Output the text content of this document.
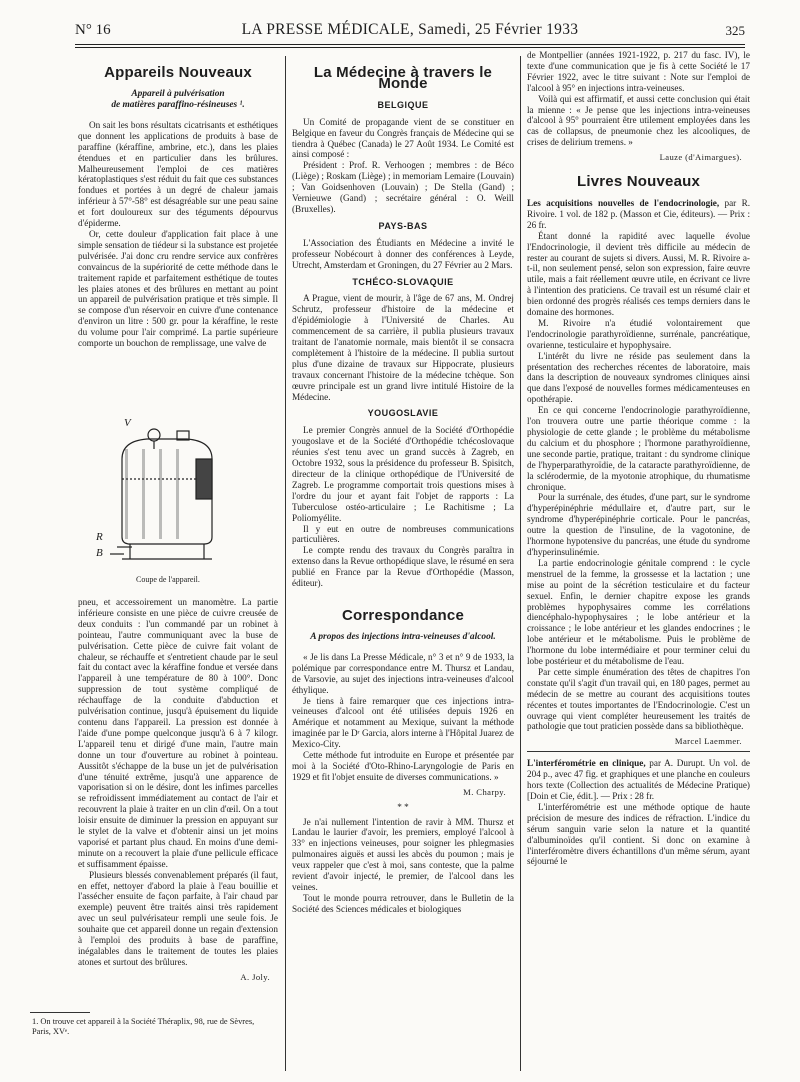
N° 16	LA PRESSE MÉDICALE, Samedi, 25 Février 1933	325
Appareils Nouveaux
Appareil à pulvérisation
de matières paraffino-résineuses ¹.

On sait les bons résultats cicatrisants et esthétiques que donnent les applications de produits à base de paraffine (kéraffine, ambrine, etc.), dans les plaies étendues et en particulier dans les brûlures. Malheureusement l'emploi de ces matières kératoplastiques s'est réduit du fait que ces substances fondues et portées à un degré de chaleur jamais inférieur à 57°-58° est désagréable sur une peau saine et fort douloureux sur des téguments dépourvus d'épiderme.

Or, cette douleur d'application fait place à une simple sensation de tiédeur si la substance est projetée pulvérisée. J'ai donc cru rendre service aux confrères convaincus de la supériorité de cette méthode dans le traitement rapide et parfaitement esthétique de toutes les plaies atones et des brûlures en mettant au point un appareil de pulvérisation pratique et très simple. Il se compose d'un réservoir en cuivre d'une contenance d'environ un litre : 500 gr. pour la kéraffine, le reste du volume pour l'air comprimé. La partie supérieure comporte un bouchon de remplissage, une valve de

V
R
B
Coupe de l'appareil.

pneu, et accessoirement un manomètre. La partie inférieure consiste en une pièce de cuivre creusée de deux conduits : l'un commandé par un robinet à pointeau, l'autre communiquant avec la buse de pulvérisation. Cette pièce de cuivre fait volant de chaleur, se réchauffe et s'entretient chaude par le seul fait du contact avec la kéraffine fondue et versée dans l'appareil à une température de 80 à 100°. Donc suppression de tout système compliqué de réchauffage de la conduite d'abduction et pulvérisation continue, jusqu'à épuisement du liquide contenu dans l'appareil. La pression est donnée à l'aide d'une pompe quelconque jusqu'à 6 à 7 kilogr. L'appareil tenu et dirigé d'une main, l'autre main donne un tour d'ouverture au robinet à pointeau. Aussitôt s'échappe de la buse un jet de pulvérisation d'une ténuité extrême, jusqu'à une apparence de vaporisation si on le désire, dont les infimes parcelles se refroidissent immédiatement au contact de l'air et recouvrent la plaie à traiter en un clin d'œil. On a tout loisir ensuite de diminuer la pression en appuyant sur le stylet de la valve et d'obtenir ainsi un jet moins vaporisé et partant plus chaud. En moins d'une demi-minute on a recouvert la plaie d'une pellicule efficace et suffisamment épaisse.

Plusieurs blessés convenablement préparés (il faut, en effet, nettoyer d'abord la plaie à l'eau bouillie et l'assécher ensuite de façon parfaite, à l'air chaud par exemple) peuvent être traités ainsi très rapidement avec un seul pulvérisateur rempli une seule fois. Je souhaite que cet appareil donne un regain d'extension à l'emploi des produits à base de paraffine, inégalables dans le traitement de toutes les plaies atones et surtout des brûlures.

A. Joly.
1. On trouve cet appareil à la Société Théraplix, 98, rue de Sèvres, Paris, XVᵉ.
La Médecine à travers le Monde
BELGIQUE

Un Comité de propagande vient de se constituer en Belgique en faveur du Congrès français de Médecine qui se tiendra à Québec (Canada) le 27 Août 1934. Le Comité est ainsi composé :

Président : Prof. R. Verhoogen ; membres : de Béco (Liège) ; Roskam (Liège) ; in memoriam Lemaire (Louvain) ; Van Goidsenhoven (Louvain) ; De Stella (Gand) ; Vernieuwe (Gand) ; secrétaire général : O. Weill (Bruxelles).

PAYS-BAS

L'Association des Étudiants en Médecine a invité le professeur Nobécourt à donner des conférences à Leyde, Utrecht, Amsterdam et Groningen, du 27 Février au 2 Mars.

TCHÉCO-SLOVAQUIE

A Prague, vient de mourir, à l'âge de 67 ans, M. Ondrej Schrutz, professeur d'histoire de la médecine et d'épidémiologie à l'Université de Charles. Au commencement de sa carrière, il publia plusieurs travaux traitant de l'anatomie normale, mais bientôt il se consacra complètement à l'histoire de la médecine. Il publia surtout plus d'une dizaine de travaux sur Hippocrate, plusieurs travaux concernant l'histoire de la médecine tchèque. Son œuvre principale est un grand livre intitulé Histoire de la Médecine.

YOUGOSLAVIE

Le premier Congrès annuel de la Société d'Orthopédie yougoslave et de la Société d'Orthopédie tchécoslovaque réunies s'est tenu avec un grand succès à Zagreb, en Octobre 1932, sous la présidence du professeur B. Spisitch, directeur de la clinique orthopédique de l'Université de Zagreb. Le programme comportait trois questions mises à l'ordre du jour et ayant fait l'objet de rapports : La Tuberculose ostéo-articulaire ; Le Rachitisme ; La Poliomyélite.

Il y eut en outre de nombreuses communications particulières.

Le compte rendu des travaux du Congrès paraîtra in extenso dans la Revue orthopédique slave, le résumé en sera publié en France par la Revue d'Orthopédie (Masson, éditeur).

Correspondance
A propos des injections intra-veineuses d'alcool.

« Je lis dans La Presse Médicale, n° 3 et n° 9 de 1933, la polémique par correspondance entre M. Thursz et Landau, de Varsovie, au sujet des injections intra-veineuses d'alcool éthylique.

Je tiens à faire remarquer que ces injections intra-veineuses d'alcool ont été utilisées depuis 1926 en Amérique et notamment au Mexique, suivant la méthode imaginée par le Dʳ Garcia, alors interne à l'Hôpital Juarez de Mexico-City.

Cette méthode fut introduite en Europe et présentée par moi à la Société d'Oto-Rhino-Laryngologie de Paris en 1929 et fit l'objet ensuite de diverses communications. »

M. Charpy.
* *

Je n'ai nullement l'intention de ravir à MM. Thursz et Landau le laurier d'avoir, les premiers, employé l'alcool à 33° en injections veineuses, pour soigner les phlegmasies pulmonaires aiguës et aussi les abcès du poumon ; mais je veux rappeler que c'est à moi, sans conteste, que la palme revient d'avoir injecté, le premier, de l'alcool dans les veines.

Tout le monde pourra retrouver, dans le Bulletin de la Société des Sciences médicales et biologiques

de Montpellier (années 1921-1922, p. 217 du fasc. IV), le texte d'une communication que je fis à cette Société le 17 Février 1922, avec le titre suivant : Note sur l'emploi de l'alcool à 95° en injections intra-veineuses.

Voilà qui est affirmatif, et aussi cette conclusion qui était la mienne : « Je pense que les injections intra-veineuses d'alcool à 95° pourraient être utilement employées dans les cas de collapsus, de pneumonie chez les alcooliques, de crises de delirium tremens. »

Lauze (d'Aimargues).
Livres Nouveaux

Les acquisitions nouvelles de l'endocrinologie, par R. Rivoire. 1 vol. de 182 p. (Masson et Cie, éditeurs). — Prix : 26 fr.

Étant donné la rapidité avec laquelle évolue l'Endocrinologie, il devient très difficile au médecin de rester au courant de sujets si divers. Aussi, M. R. Rivoire a-t-il, non seulement pensé, selon son expression, faire œuvre utile, mais a fait réellement œuvre utile, en écrivant ce livre à l'intention des praticiens. Ce travail est un résumé clair et bien ordonné des progrès réalisés ces temps derniers dans le domaine des hormones.

M. Rivoire n'a étudié volontairement que l'endocrinologie parathyroïdienne, surrénale, pancréatique, ovarienne, testiculaire et hypophysaire.

L'intérêt du livre ne réside pas seulement dans la présentation des recherches récentes de laboratoire, mais dans la description de nouveaux syndromes cliniques ainsi que dans l'exposé de nouvelles formes médicamenteuses en opothérapie.

En ce qui concerne l'endocrinologie parathyroïdienne, l'on trouvera outre une partie théorique comme : la physiologie de cette glande ; le problème du métabolisme du calcium et du phosphore ; l'hormone parathyroïdienne, une seconde partie, pratique, traitant : du syndrome clinique de l'hyperparathyroïdie, de la cataracte parathyroïdienne, de la sclérodermie, de la myotonie atrophique, du rhumatisme chronique.

Pour la surrénale, des études, d'une part, sur le syndrome d'hyperépinéphrie médullaire et, d'autre part, sur le syndrome d'hyperépinéphrie corticale. Pour le pancréas, outre la question de l'insuline, de la vagotonine, de l'hormone hypotensive du pancréas, une étude du syndrome d'hyperinsulinémie.

La partie endocrinologie génitale comprend : le cycle menstruel de la femme, la grossesse et la lactation ; une mise au point de la sécrétion testiculaire et du facteur sexuel. Enfin, le dernier chapitre expose les grands problèmes hypophysaires comme les corrélations diencéphalo-hypophysaires ; le lobe antérieur et la croissance ; le lobe antérieur et les glandes endocrines ; le lobe antérieur et le métabolisme. Puis le problème de l'hormone du lobe intermédiaire et pour terminer celui du lobe postérieur et du métabolisme de l'eau.

Par cette simple énumération des têtes de chapitres l'on constate qu'il s'agit d'un travail qui, en 180 pages, permet au médecin de se mettre au courant des acquisitions toutes récentes et toutes importantes de l'Endocrinologie. C'est un ouvrage qui vient compléter heureusement les traités de pathologie que tout praticien possède dans sa bibliothèque.

Marcel Laemmer.

L'interférométrie en clinique, par A. Durupt. Un vol. de 204 p., avec 47 fig. et graphiques et une planche en couleurs hors texte (Collection des actualités de Médecine Pratique) [Doin et Cie, édit.]. — Prix : 28 fr.

L'interférométrie est une méthode optique de haute précision de mesure des indices de réfraction. L'indice du sérum sanguin varie selon la nature et la quantité d'albuminoïdes qu'il contient. Si donc on examine à l'interféromètre divers échantillons d'un même sérum, ayant séjourné le
